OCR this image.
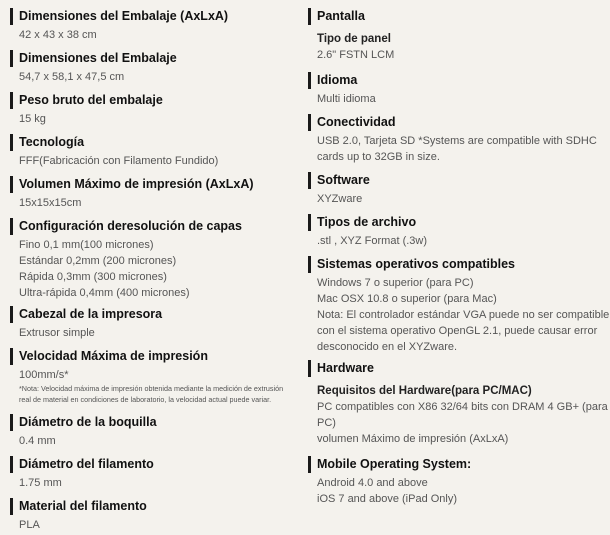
Dimensiones del Embalaje (AxLxA)
42 x 43 x 38 cm
Dimensiones del Embalaje
54,7 x 58,1 x 47,5 cm
Peso bruto del embalaje
15 kg
Tecnología
FFF(Fabricación con Filamento Fundido)
Volumen Máximo de impresión (AxLxA)
15x15x15cm
Configuración deresolución de capas
Fino 0,1 mm(100 micrones)
Estándar 0,2mm (200 micrones)
Rápida 0,3mm (300 micrones)
Ultra-rápida 0,4mm (400 micrones)
Cabezal de la impresora
Extrusor simple
Velocidad Máxima de impresión
100mm/s*
*Nota: Velocidad máxima de impresión obtenida mediante la medición de extrusión
real de material en condiciones de laboratorio, la velocidad actual puede variar.
Diámetro de la boquilla
0.4 mm
Diámetro del filamento
1.75 mm
Material del filamento
PLA
Pantalla
Tipo de panel
2.6" FSTN LCM
Idioma
Multi idioma
Conectividad
USB 2.0, Tarjeta SD *Systems are compatible with SDHC
cards up to 32GB in size.
Software
XYZware
Tipos de archivo
.stl , XYZ Format (.3w)
Sistemas operativos compatibles
Windows 7 o superior (para PC)
Mac OSX 10.8 o superior (para Mac)
Nota: El controlador estándar VGA puede no ser compatible
con el sistema operativo OpenGL 2.1, puede causar error
desconocido en el XYZware.
Hardware
Requisitos del Hardware(para PC/MAC)
PC compatibles con X86 32/64 bits con DRAM 4 GB+ (para
PC)
volumen Máximo de impresión (AxLxA)
Mobile Operating System:
Android 4.0 and above
iOS 7 and above (iPad Only)
